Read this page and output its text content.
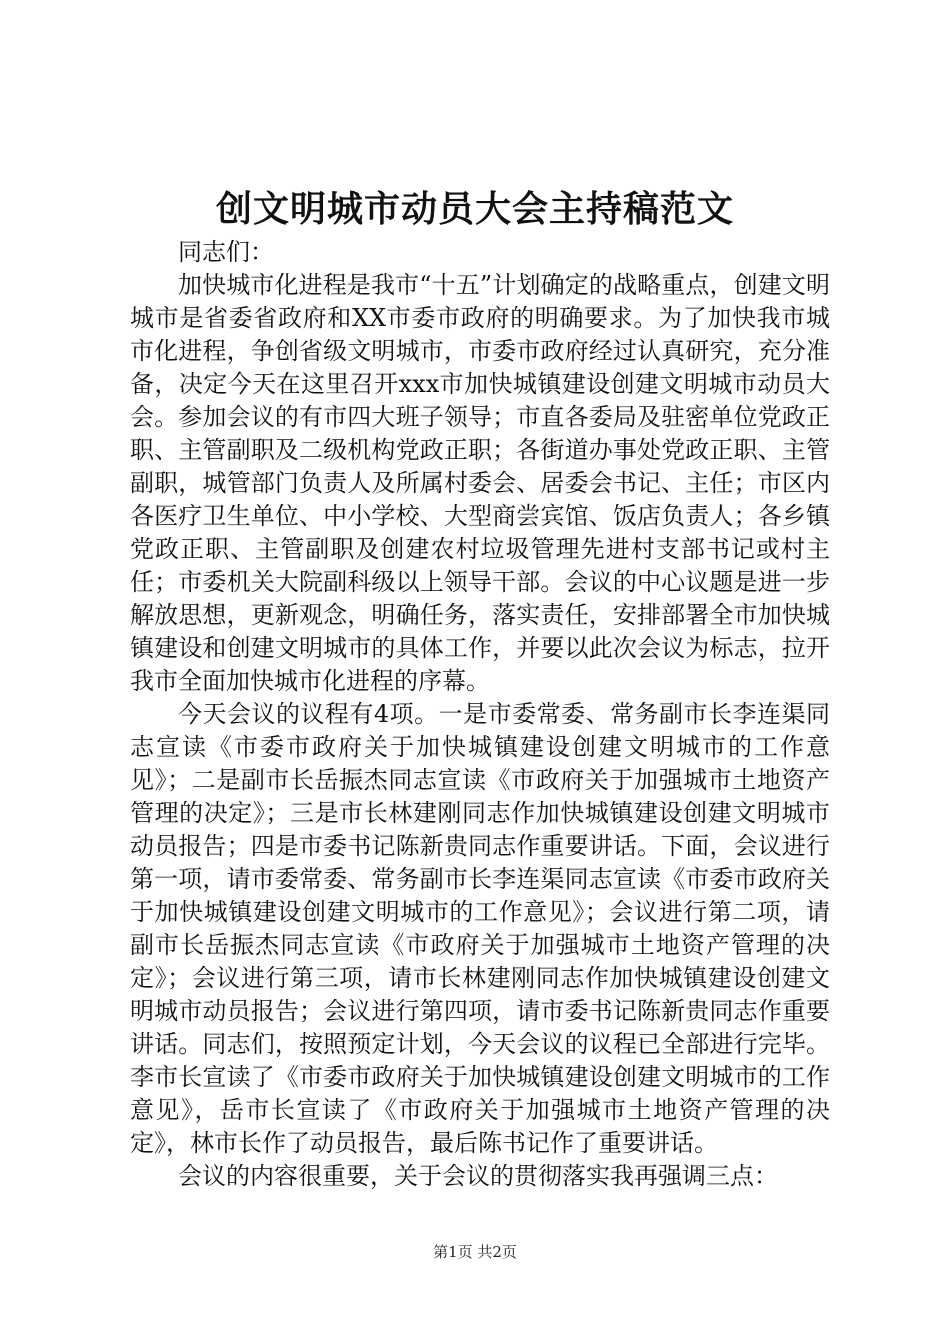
创文明城市动员大会主持稿范文

同志们：

加快城市化进程是我市“十五”计划确定的战略重点，创建文明城市是省委省政府和XX市委市政府的明确要求。为了加快我市城市化进程，争创省级文明城市，市委市政府经过认真研究，充分准备，决定今天在这里召开xxx市加快城镇建设创建文明城市动员大会。参加会议的有市四大班子领导；市直各委局及驻密单位党政正职、主管副职及二级机构党政正职；各街道办事处党政正职、主管副职，城管部门负责人及所属村委会、居委会书记、主任；市区内各医疗卫生单位、中小学校、大型商尝宾馆、饭店负责人；各乡镇党政正职、主管副职及创建农村垃圾管理先进村支部书记或村主任；市委机关大院副科级以上领导干部。会议的中心议题是进一步解放思想，更新观念，明确任务，落实责任，安排部署全市加快城镇建设和创建文明城市的具体工作，并要以此次会议为标志，拉开我市全面加快城市化进程的序幕。

今天会议的议程有4项。一是市委常委、常务副市长李连渠同志宣读《市委市政府关于加快城镇建设创建文明城市的工作意见》；二是副市长岳振杰同志宣读《市政府关于加强城市土地资产管理的决定》；三是市长林建刚同志作加快城镇建设创建文明城市动员报告；四是市委书记陈新贵同志作重要讲话。下面，会议进行第一项，请市委常委、常务副市长李连渠同志宣读《市委市政府关于加快城镇建设创建文明城市的工作意见》；会议进行第二项，请副市长岳振杰同志宣读《市政府关于加强城市土地资产管理的决定》；会议进行第三项，请市长林建刚同志作加快城镇建设创建文明城市动员报告；会议进行第四项，请市委书记陈新贵同志作重要讲话。同志们，按照预定计划，今天会议的议程已全部进行完毕。李市长宣读了《市委市政府关于加快城镇建设创建文明城市的工作意见》，岳市长宣读了《市政府关于加强城市土地资产管理的决定》，林市长作了动员报告，最后陈书记作了重要讲话。

会议的内容很重要，关于会议的贯彻落实我再强调三点：

第1页 共2页
